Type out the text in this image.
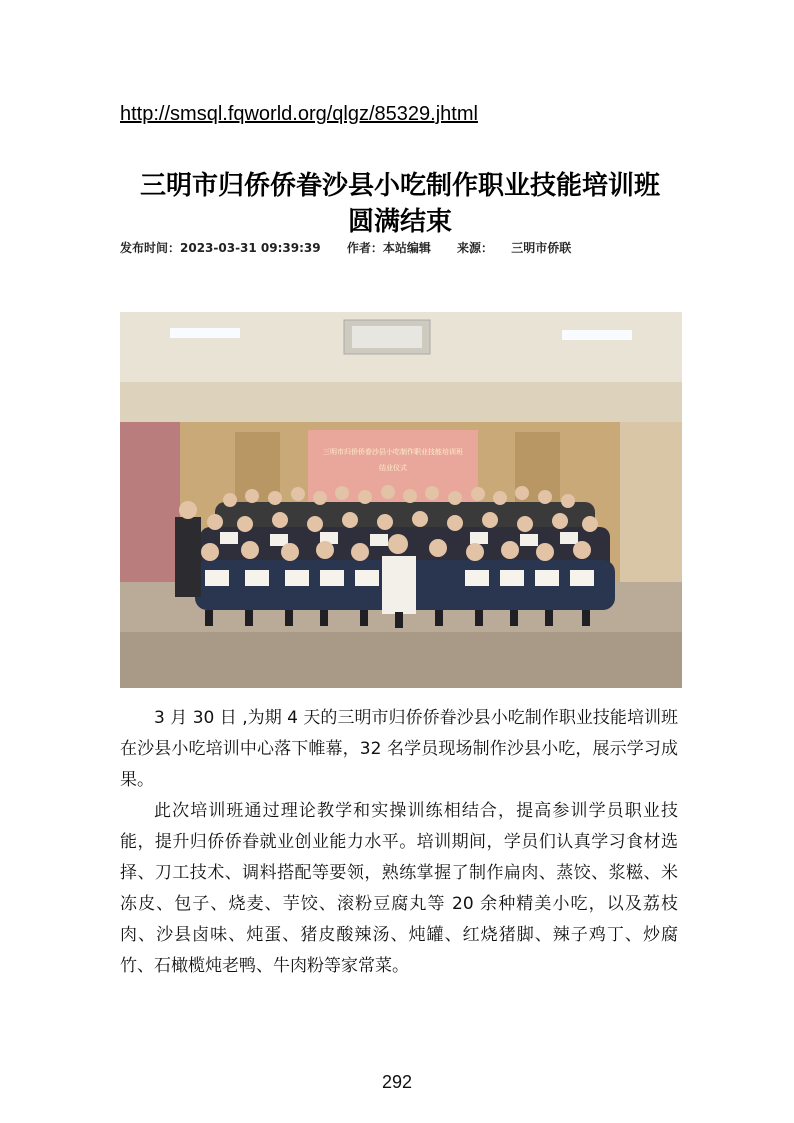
http://smsql.fqworld.org/qlgz/85329.jhtml
三明市归侨侨眷沙县小吃制作职业技能培训班
圆满结束
发布时间：2023-03-31 09:39:39 作者：本站编辑 来源： 三明市侨联
三明市归侨侨眷沙县小吃制作职业技能培训班
结业仪式

3 月 30 日 ,为期 4 天的三明市归侨侨眷沙县小吃制作职业技能培训班在沙县小吃培训中心落下帷幕，32 名学员现场制作沙县小吃，展示学习成果。

此次培训班通过理论教学和实操训练相结合，提高参训学员职业技能，提升归侨侨眷就业创业能力水平。培训期间，学员们认真学习食材选择、刀工技术、调料搭配等要领，熟练掌握了制作扁肉、蒸饺、浆糍、米冻皮、包子、烧麦、芋饺、滚粉豆腐丸等 20 余种精美小吃，以及荔枝肉、沙县卤味、炖蛋、猪皮酸辣汤、炖罐、红烧猪脚、辣子鸡丁、炒腐竹、石橄榄炖老鸭、牛肉粉等家常菜。

292
